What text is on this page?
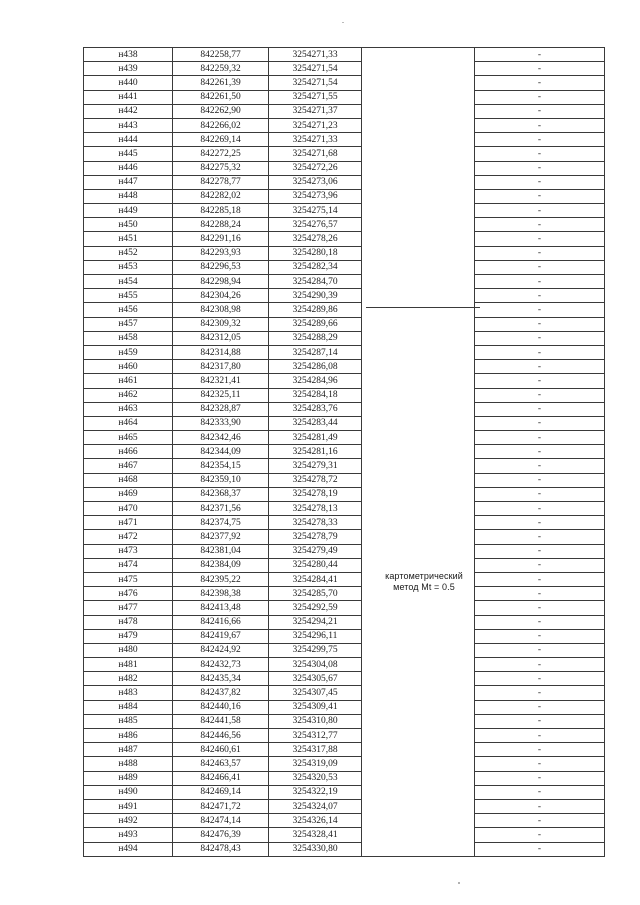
н438	842258,77	3254271,33		-
н439	842259,32	3254271,54		-
н440	842261,39	3254271,54		-
н441	842261,50	3254271,55		-
н442	842262,90	3254271,37		-
н443	842266,02	3254271,23		-
н444	842269,14	3254271,33		-
н445	842272,25	3254271,68		-
н446	842275,32	3254272,26		-
н447	842278,77	3254273,06		-
н448	842282,02	3254273,96		-
н449	842285,18	3254275,14		-
н450	842288,24	3254276,57		-
н451	842291,16	3254278,26		-
н452	842293,93	3254280,18		-
н453	842296,53	3254282,34		-
н454	842298,94	3254284,70		-
н455	842304,26	3254290,39		-
н456	842308,98	3254289,86		-
н457	842309,32	3254289,66		-
н458	842312,05	3254288,29		-
н459	842314,88	3254287,14		-
н460	842317,80	3254286,08		-
н461	842321,41	3254284,96		-
н462	842325,11	3254284,18		-
н463	842328,87	3254283,76		-
н464	842333,90	3254283,44		-
н465	842342,46	3254281,49		-
н466	842344,09	3254281,16		-
н467	842354,15	3254279,31		-
н468	842359,10	3254278,72		-
н469	842368,37	3254278,19		-
н470	842371,56	3254278,13		-
н471	842374,75	3254278,33		-
н472	842377,92	3254278,79		-
н473	842381,04	3254279,49		-
н474	842384,09	3254280,44		-
н475	842395,22	3254284,41		-
н476	842398,38	3254285,70		-
н477	842413,48	3254292,59		-
н478	842416,66	3254294,21		-
н479	842419,67	3254296,11		-
н480	842424,92	3254299,75		-
н481	842432,73	3254304,08		-
н482	842435,34	3254305,67		-
н483	842437,82	3254307,45		-
н484	842440,16	3254309,41		-
н485	842441,58	3254310,80		-
н486	842446,56	3254312,77		-
н487	842460,61	3254317,88		-
н488	842463,57	3254319,09		-
н489	842466,41	3254320,53		-
н490	842469,14	3254322,19		-
н491	842471,72	3254324,07		-
н492	842474,14	3254326,14		-
н493	842476,39	3254328,41		-
н494	842478,43	3254330,80		-
картометрический
метод Mt = 0.5
